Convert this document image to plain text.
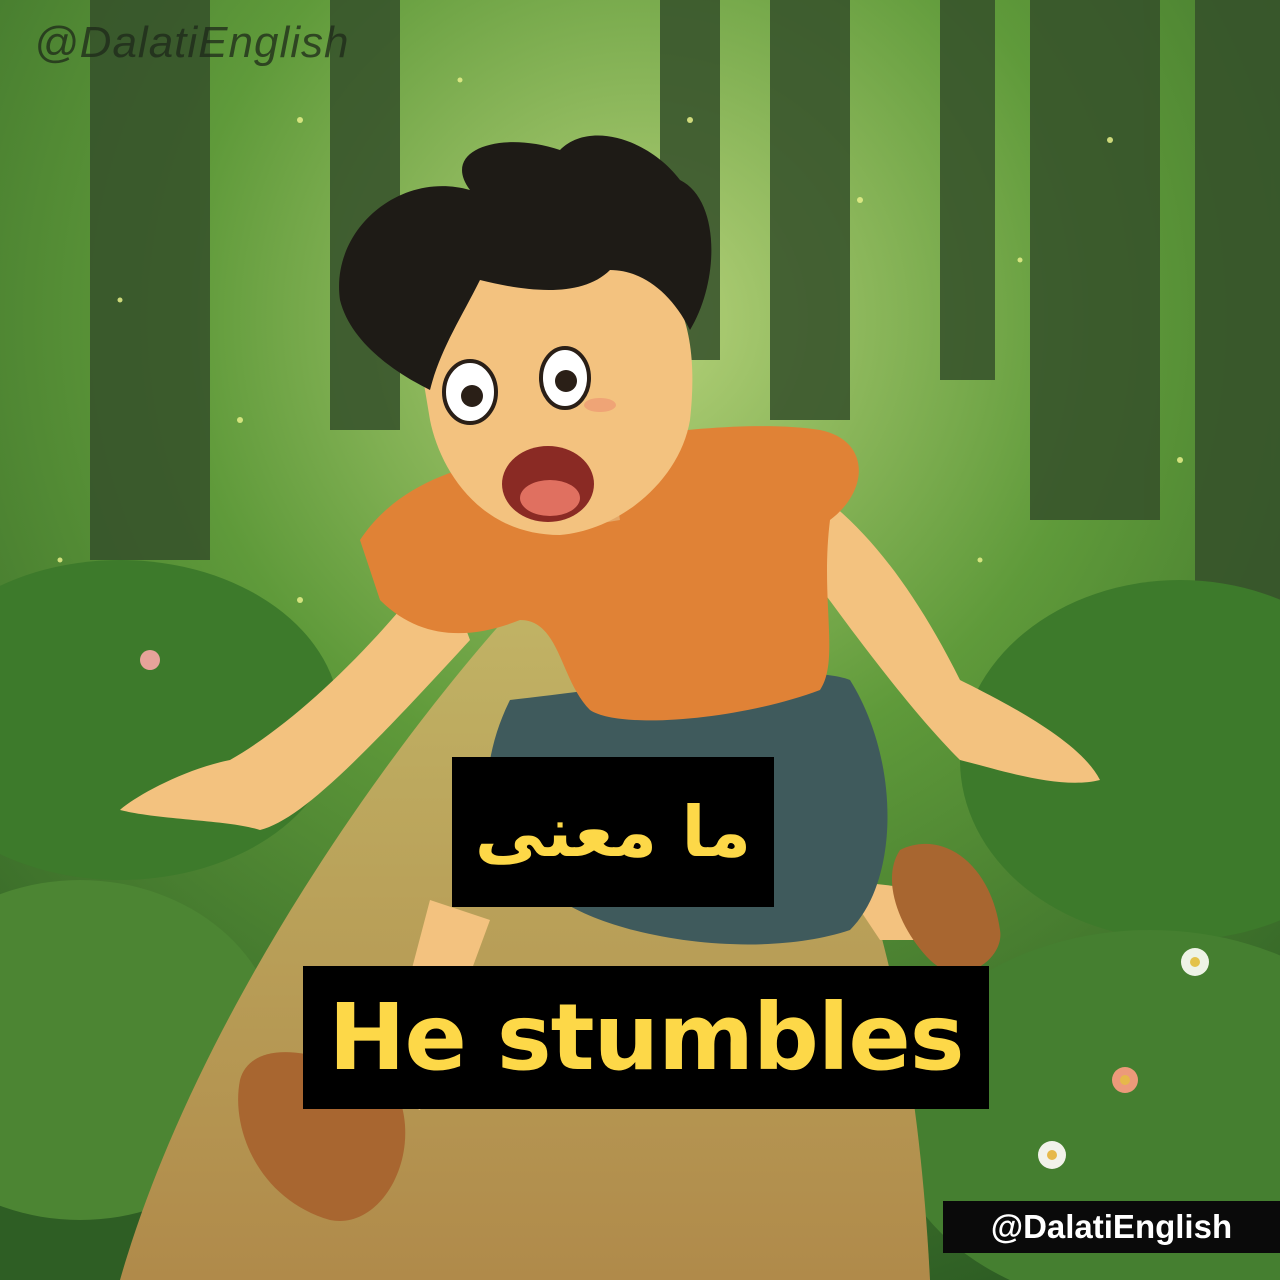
@DalatiEnglish
ما معنى
He stumbles
@DalatiEnglish
